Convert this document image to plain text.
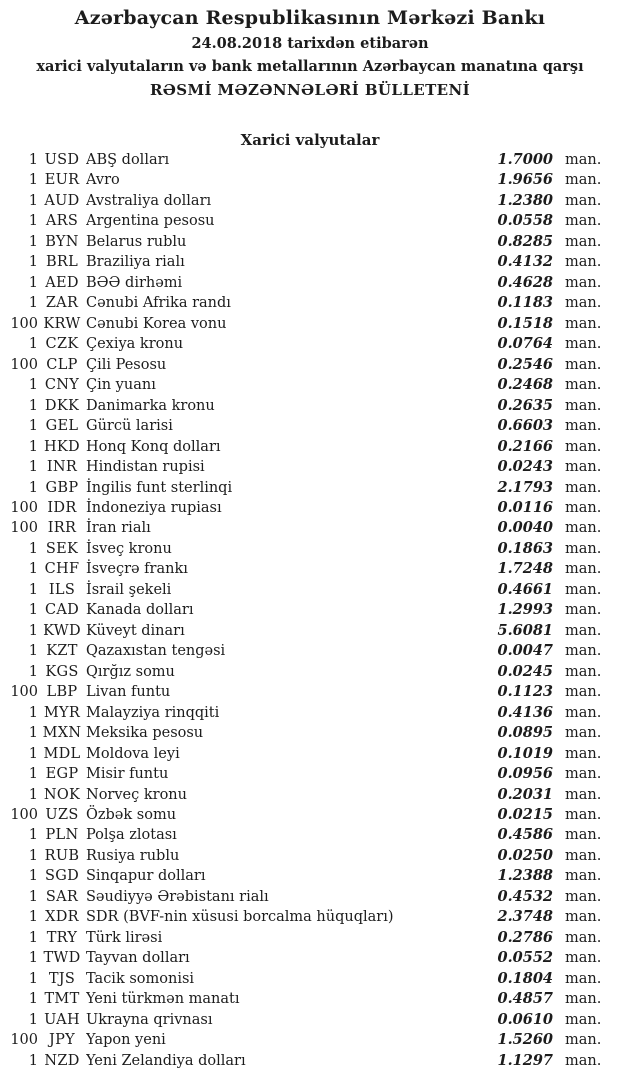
Azərbaycan Respublikasının Mərkəzi Bankı
24.08.2018 tarixdən etibarən
xarici valyutaların və bank metallarının Azərbaycan manatına qarşı
RƏSMİ MƏZƏNNƏLƏRİ BÜLLETENİ
Xarici valyutalar
1 USD ABŞ dolları	1.7000 man.
1 EUR Avro	1.9656 man.
1 AUD Avstraliya dolları	1.2380 man.
1 ARS Argentina pesosu	0.0558 man.
1 BYN Belarus rublu	0.8285 man.
1 BRL Braziliya rialı	0.4132 man.
1 AED BƏƏ dirhəmi	0.4628 man.
1 ZAR Cənubi Afrika randı	0.1183 man.
100 KRW Cənubi Korea vonu	0.1518 man.
1 CZK Çexiya kronu	0.0764 man.
100 CLP Çili Pesosu	0.2546 man.
1 CNY Çin yuanı	0.2468 man.
1 DKK Danimarka kronu	0.2635 man.
1 GEL Gürcü larisi	0.6603 man.
1 HKD Honq Konq dolları	0.2166 man.
1 INR Hindistan rupisi	0.0243 man.
1 GBP İngilis funt sterlinqi	2.1793 man.
100 IDR İndoneziya rupiası	0.0116 man.
100 IRR İran rialı	0.0040 man.
1 SEK İsveç kronu	0.1863 man.
1 CHF İsveçrə frankı	1.7248 man.
1 ILS İsrail şekeli	0.4661 man.
1 CAD Kanada dolları	1.2993 man.
1 KWD Küveyt dinarı	5.6081 man.
1 KZT Qazaxıstan tengəsi	0.0047 man.
1 KGS Qırğız somu	0.0245 man.
100 LBP Livan funtu	0.1123 man.
1 MYR Malayziya rinqqiti	0.4136 man.
1 MXN Meksika pesosu	0.0895 man.
1 MDL Moldova leyi	0.1019 man.
1 EGP Misir funtu	0.0956 man.
1 NOK Norveç kronu	0.2031 man.
100 UZS Özbək somu	0.0215 man.
1 PLN Polşa zlotası	0.4586 man.
1 RUB Rusiya rublu	0.0250 man.
1 SGD Sinqapur dolları	1.2388 man.
1 SAR Səudiyyə Ərəbistanı rialı	0.4532 man.
1 XDR SDR (BVF-nin xüsusi borcalma hüquqları)	2.3748 man.
1 TRY Türk lirəsi	0.2786 man.
1 TWD Tayvan dolları	0.0552 man.
1 TJS Tacik somonisi	0.1804 man.
1 TMT Yeni türkmən manatı	0.4857 man.
1 UAH Ukrayna qrivnası	0.0610 man.
100 JPY Yapon yeni	1.5260 man.
1 NZD Yeni Zelandiya dolları	1.1297 man.
